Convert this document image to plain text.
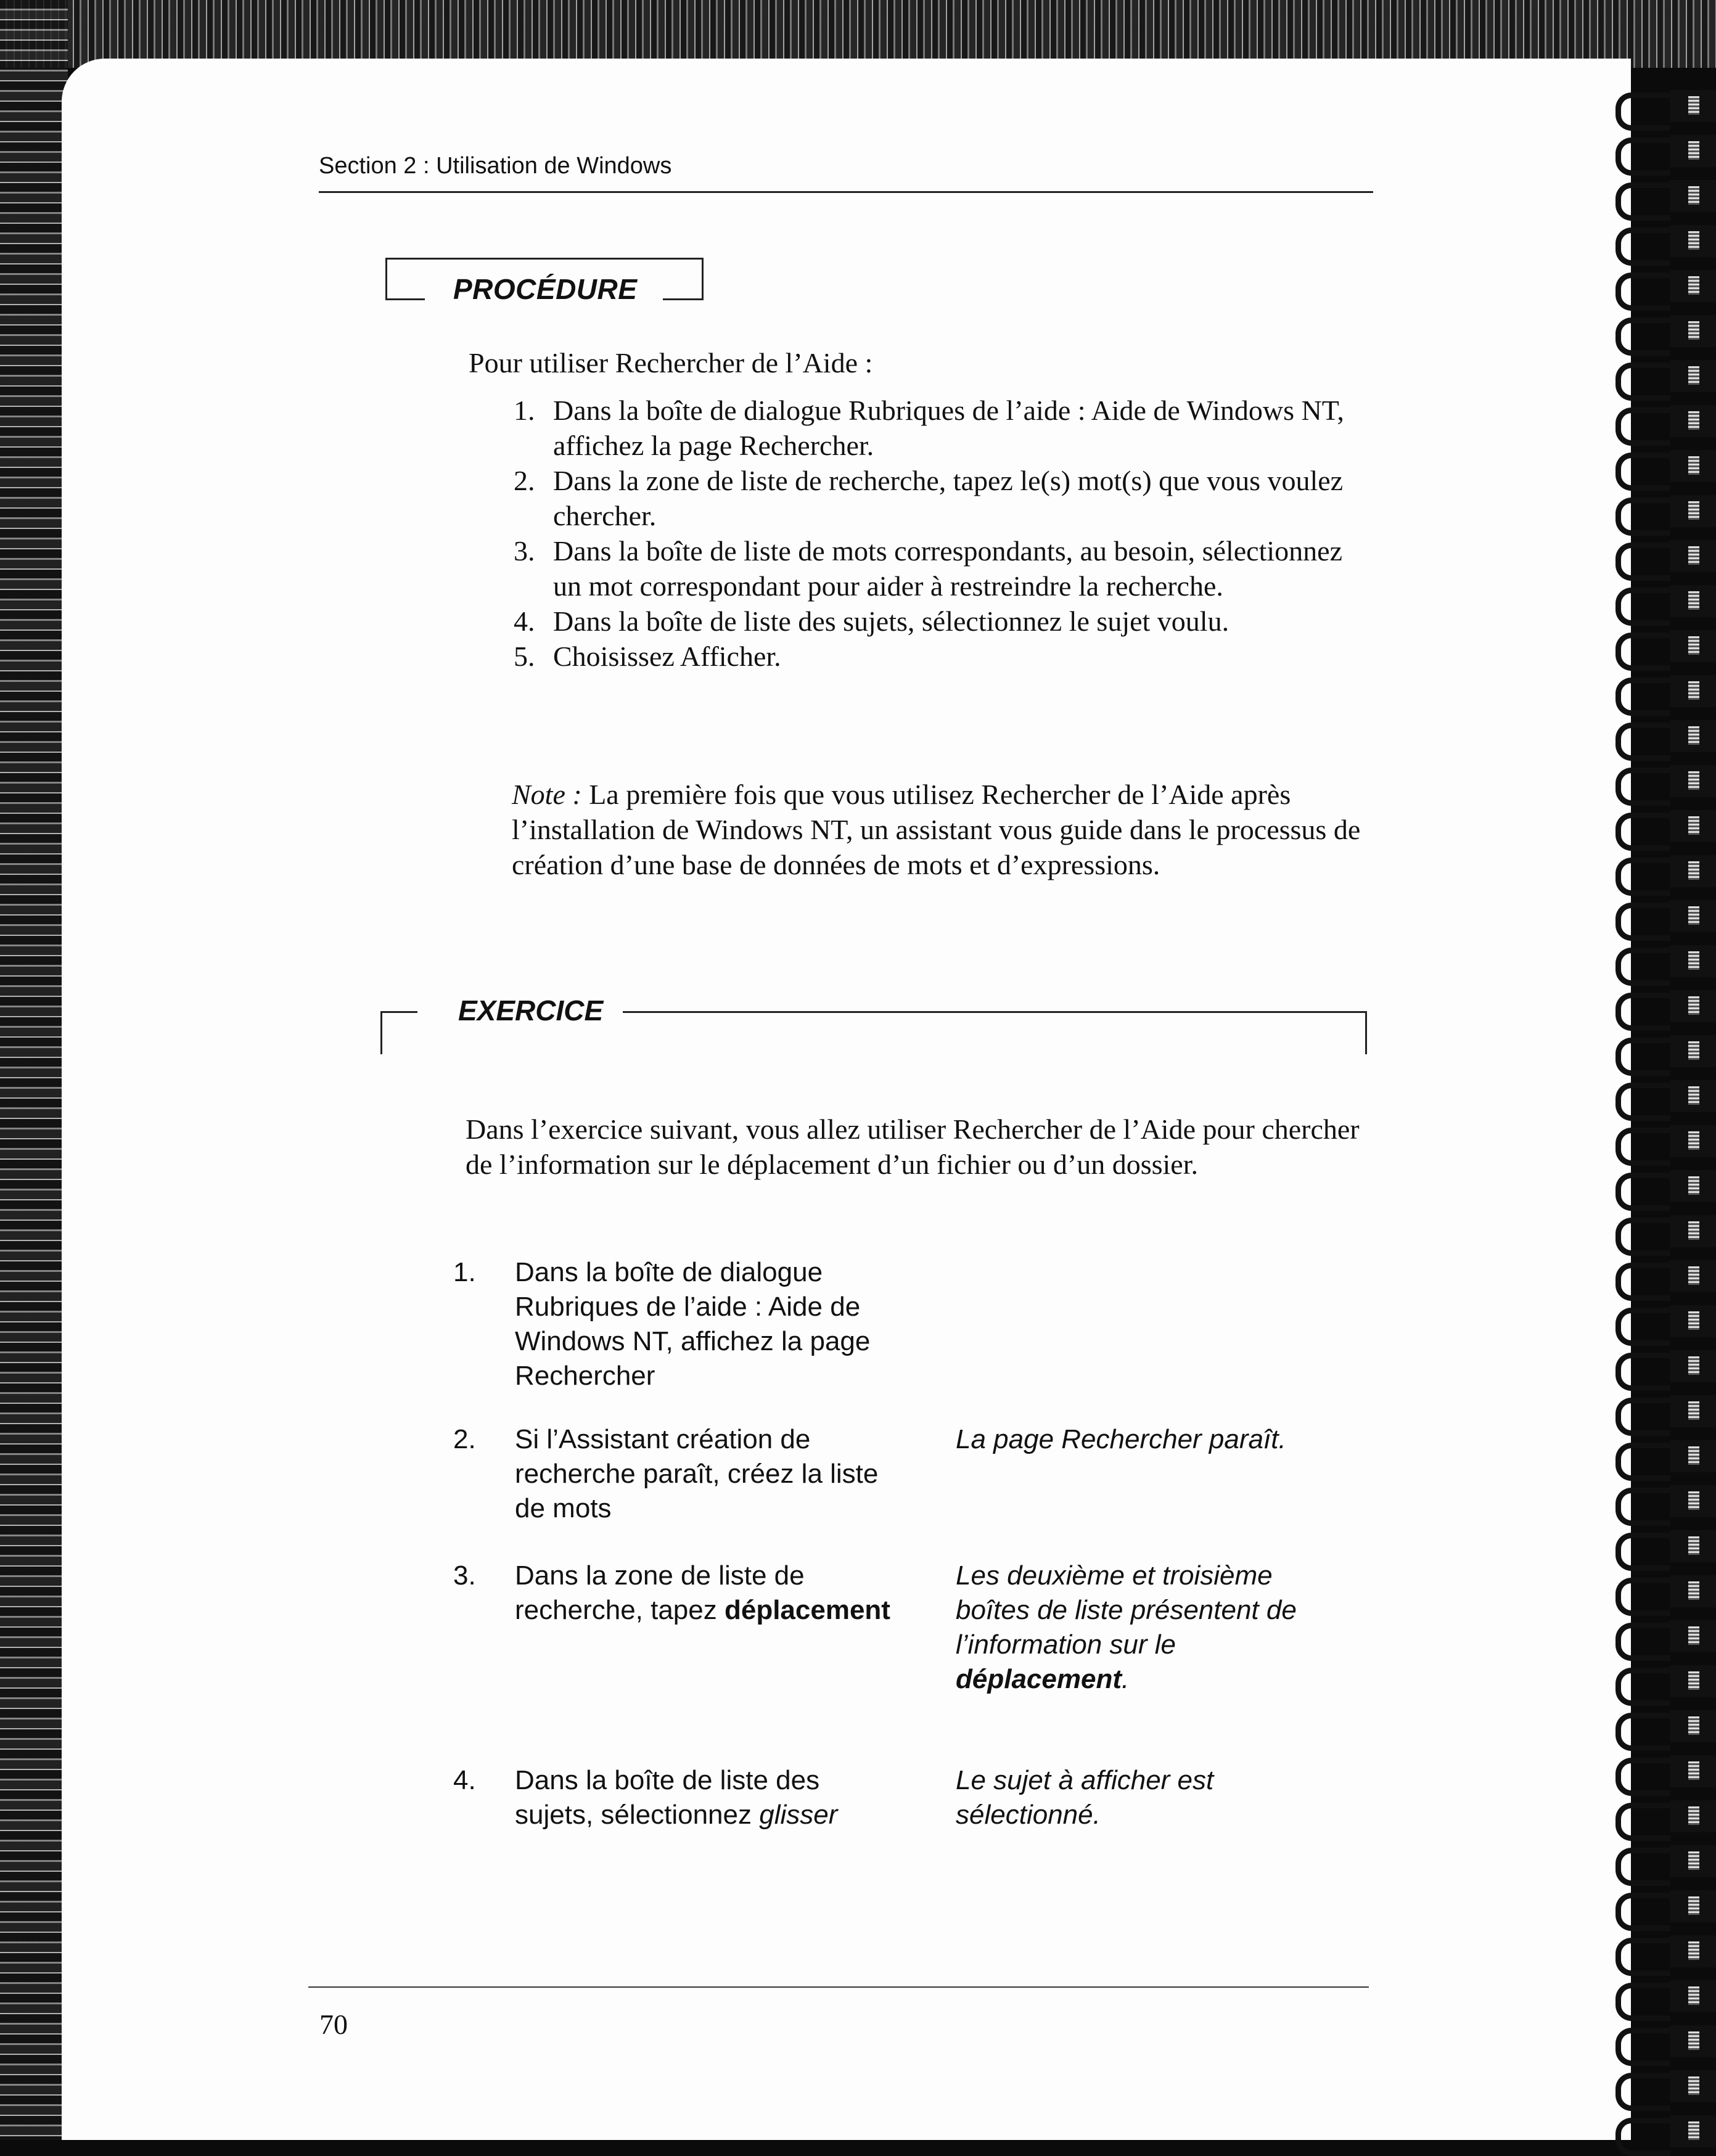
Section 2 : Utilisation de Windows
PROCÉDURE
Pour utiliser Rechercher de l’Aide :
1. Dans la boîte de dialogue Rubriques de l’aide : Aide de Windows NT, affichez la page Rechercher.
2. Dans la zone de liste de recherche, tapez le(s) mot(s) que vous voulez chercher.
3. Dans la boîte de liste de mots correspondants, au besoin, sélectionnez un mot correspondant pour aider à restreindre la recherche.
4. Dans la boîte de liste des sujets, sélectionnez le sujet voulu.
5. Choisissez Afficher.
Note : La première fois que vous utilisez Rechercher de l’Aide après l’installation de Windows NT, un assistant vous guide dans le processus de création d’une base de données de mots et d’expressions.
EXERCICE
Dans l’exercice suivant, vous allez utiliser Rechercher de l’Aide pour chercher de l’information sur le déplacement d’un fichier ou d’un dossier.
1. Dans la boîte de dialogue
Rubriques de l’aide : Aide de
Windows NT, affichez la page
Rechercher
2. Si l’Assistant création de
recherche paraît, créez la liste
de mots
La page Rechercher paraît.
3. Dans la zone de liste de
recherche, tapez déplacement
Les deuxième et troisième
boîtes de liste présentent de
l’information sur le
déplacement.
4. Dans la boîte de liste des
sujets, sélectionnez glisser
Le sujet à afficher est
sélectionné.
70
